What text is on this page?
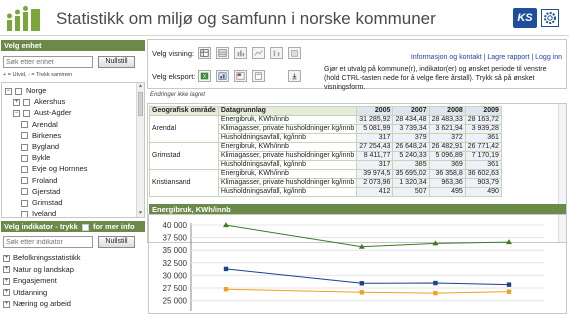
Statistikk om miljø og samfunn i norske kommuner	KS
Velg enhet
Søk etter enhet
Nullstill
+ = Utvid, - = Trekk sammen
− Norge
+ Akershus
− Aust-Agder
Arendal
Birkenes
Bygland
Bykle
Evje og Hornnes
Froland
Gjerstad
Grimstad
Iveland
▲
▼
Velg indikator - trykk for mer info
Søk etter indikator
Nullstill
+ Befolkningsstatistikk
+ Natur og landskap
+ Engasjement
+ Utdanning
+ Næring og arbeid
Velg visning:
Velg eksport: X
Informasjon og kontakt | Lagre rapport | Logg inn
Gjør et utvalg på kommune(r), indikator(er) og ønsket periode til venstre (hold CTRL-tasten nede for å velge flere årstall). Trykk så på ønsket visningsform.
Endringer ikke lagret
Geografisk område	Datagrunnlag	2005	2007	2008	2009
Arendal	Energibruk, KWh/innb	31 285,92	28 434,48	28 483,33	28 163,72
	Klimagasser, private husholdninger kg/innb	5 081,99	3 739,34	3 621,94	3 939,28
	Husholdningsavfall, kg/innb	317	379	372	361
Grimstad	Energibruk, KWh/innb	27 254,43	26 648,24	26 482,91	26 771,42
	Klimagasser, private husholdninger kg/innb	8 411,77	5 240,33	5 096,89	7 170,19
	Husholdningsavfall, kg/innb	317	385	369	361
Kristiansand	Energibruk, KWh/innb	39 974,5	35 695,02	36 358,8	36 602,63
	Klimagasser, private husholdninger kg/innb	2 073,96	1 320,34	963,36	903,79
	Husholdningsavfall, kg/innb	412	507	495	490
Energibruk, KWh/innb
40 000
37 500
35 000
32 500
30 000
27 500
25 000
